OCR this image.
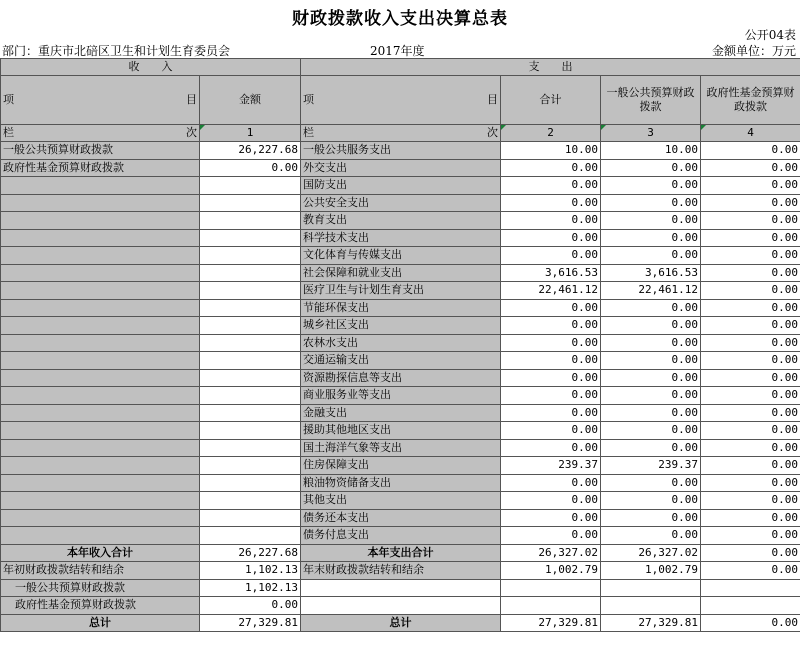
财政拨款收入支出决算总表
公开04表
部门：重庆市北碚区卫生和计划生育委员会	2017年度	金额单位：万元
收　　入		支　　出			

项 目	金额	项 目	合计	一般公共预算财政拨款	政府性基金预算财政拨款

栏 次	1	栏 次	2	3	4
一般公共预算财政拨款	26,227.68	一般公共服务支出	10.00	10.00	0.00
政府性基金预算财政拨款	0.00	外交支出	0.00	0.00	0.00
		国防支出	0.00	0.00	0.00
		公共安全支出	0.00	0.00	0.00
		教育支出	0.00	0.00	0.00
		科学技术支出	0.00	0.00	0.00
		文化体育与传媒支出	0.00	0.00	0.00
		社会保障和就业支出	3,616.53	3,616.53	0.00
		医疗卫生与计划生育支出	22,461.12	22,461.12	0.00
		节能环保支出	0.00	0.00	0.00
		城乡社区支出	0.00	0.00	0.00
		农林水支出	0.00	0.00	0.00
		交通运输支出	0.00	0.00	0.00
		资源勘探信息等支出	0.00	0.00	0.00
		商业服务业等支出	0.00	0.00	0.00
		金融支出	0.00	0.00	0.00
		援助其他地区支出	0.00	0.00	0.00
		国土海洋气象等支出	0.00	0.00	0.00
		住房保障支出	239.37	239.37	0.00
		粮油物资储备支出	0.00	0.00	0.00
		其他支出	0.00	0.00	0.00
		债务还本支出	0.00	0.00	0.00
		债务付息支出	0.00	0.00	0.00
本年收入合计	26,227.68	本年支出合计	26,327.02	26,327.02	0.00
年初财政拨款结转和结余	1,102.13	年末财政拨款结转和结余	1,002.79	1,002.79	0.00
一般公共预算财政拨款	1,102.13				
政府性基金预算财政拨款	0.00				
总计	27,329.81	总计	27,329.81	27,329.81	0.00
